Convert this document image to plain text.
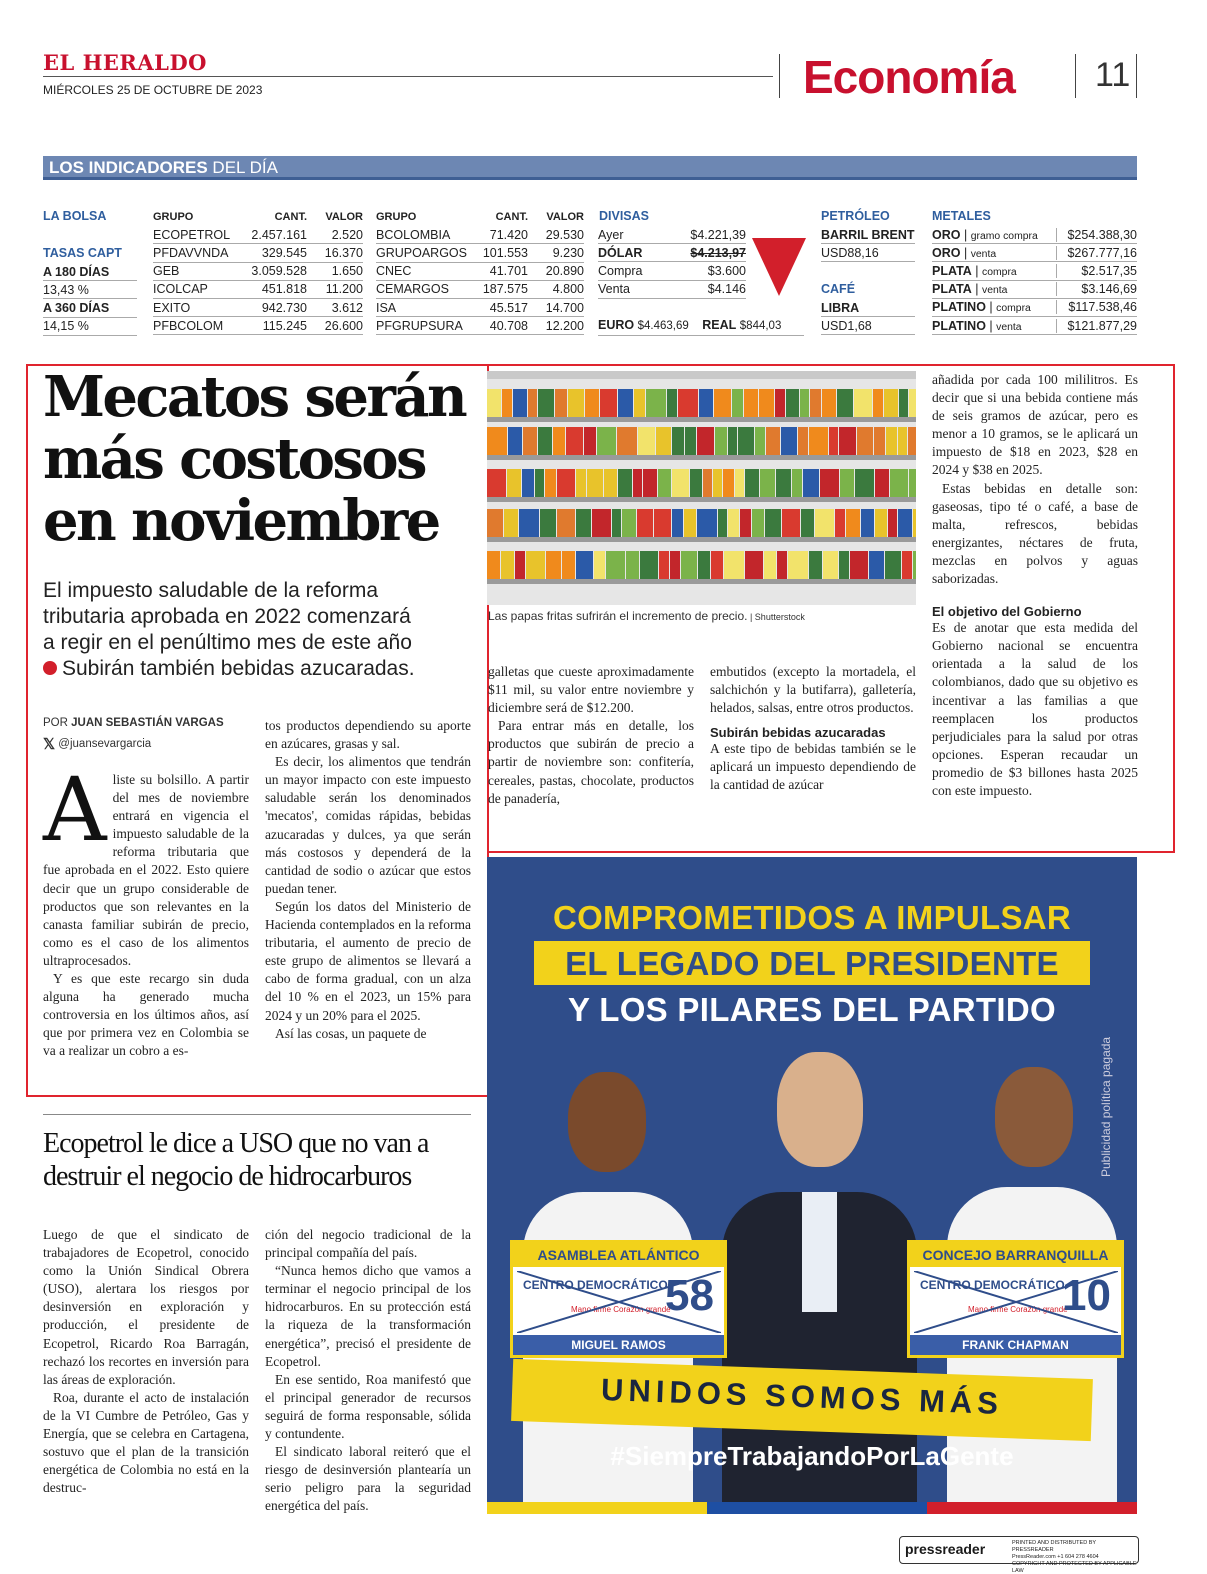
EL HERALDO
MIÉRCOLES 25 DE OCTUBRE DE 2023	Economía 11
LOS INDICADORES DEL DÍA
LA BOLSA
TASAS CAPT
A 180 DÍAS
13,43 %
A 360 DÍAS
14,15 %
GRUPO	CANT.	VALOR
ECOPETROL	2.457.161	2.520
PFDAVVNDA	329.545	16.370
GEB	3.059.528	1.650
ICOLCAP	451.818	11.200
EXITO	942.730	3.612
PFBCOLOM	115.245	26.600
GRUPO	CANT.	VALOR
BCOLOMBIA	71.420	29.530
GRUPOARGOS	101.553	9.230
CNEC	41.701	20.890
CEMARGOS	187.575	4.800
ISA	45.517	14.700
PFGRUPSURA	40.708	12.200
DIVISAS
Ayer	$4.221,39
DÓLAR	$4.213,97
Compra	$3.600
Venta	$4.146
EURO $4.463,69 REAL $844,03
PETRÓLEO
BARRIL BRENT
USD88,16
CAFÉ
LIBRA
USD1,68
METALES
ORO | gramo compra	$254.388,30
ORO | venta	$267.777,16
PLATA | compra	$2.517,35
PLATA | venta	$3.146,69
PLATINO | compra	$117.538,46
PLATINO | venta	$121.877,29
Mecatos serán
más costosos
en noviembre
El impuesto saludable de la reforma
tributaria aprobada en 2022 comenzará
a regir en el penúltimo mes de este año
Subirán también bebidas azucaradas.
POR JUAN SEBASTIÁN VARGAS
𝕏 @juansevargarcia

Aliste su bolsillo. A partir del mes de noviembre entrará en vigencia el impuesto saludable de la reforma tributaria que fue aprobada en el 2022. Esto quiere decir que un grupo considerable de productos que son relevantes en la canasta familiar subirán de precio, como es el caso de los alimentos ultraprocesados.

Y es que este recargo sin duda alguna ha generado mucha controversia en los últimos años, así que por primera vez en Colombia se va a realizar un cobro a es-

tos productos dependiendo su aporte en azúcares, grasas y sal.

Es decir, los alimentos que tendrán un mayor impacto con este impuesto saludable serán los denominados 'mecatos', comidas rápidas, bebidas azucaradas y dulces, ya que serán más costosos y dependerá de la cantidad de sodio o azúcar que estos puedan tener.

Según los datos del Ministerio de Hacienda contemplados en la reforma tributaria, el aumento de precio de este grupo de alimentos se llevará a cabo de forma gradual, con un alza del 10 % en el 2023, un 15% para 2024 y un 20% para el 2025.

Así las cosas, un paquete de

Las papas fritas sufrirán el incremento de precio. | Shutterstock

galletas que cueste aproximadamente $11 mil, su valor entre noviembre y diciembre será de $12.200.

Para entrar más en detalle, los productos que subirán de precio a partir de noviembre son: confitería, cereales, pastas, chocolate, productos de panadería,

embutidos (excepto la mortadela, el salchichón y la butifarra), galletería, helados, salsas, entre otros productos.

Subirán bebidas azucaradas

A este tipo de bebidas también se le aplicará un impuesto dependiendo de la cantidad de azúcar

añadida por cada 100 mililitros. Es decir que si una bebida contiene más de seis gramos de azúcar, pero es menor a 10 gramos, se le aplicará un impuesto de $18 en 2023, $28 en 2024 y $38 en 2025.

Estas bebidas en detalle son: gaseosas, tipo té o café, a base de malta, refrescos, bebidas energizantes, néctares de fruta, mezclas en polvos y aguas saborizadas.

El objetivo del Gobierno

Es de anotar que esta medida del Gobierno nacional se encuentra orientada a la salud de los colombianos, dado que su objetivo es incentivar a las familias a que reemplacen los productos perjudiciales para la salud por otras opciones. Esperan recaudar un promedio de $3 billones hasta 2025 con este impuesto.

Ecopetrol le dice a USO que no van a
destruir el negocio de hidrocarburos

Luego de que el sindicato de trabajadores de Ecopetrol, conocido como la Unión Sindical Obrera (USO), alertara los riesgos por desinversión en exploración y producción, el presidente de Ecopetrol, Ricardo Roa Barragán, rechazó los recortes en inversión para las áreas de exploración.

Roa, durante el acto de instalación de la VI Cumbre de Petróleo, Gas y Energía, que se celebra en Cartagena, sostuvo que el plan de la transición energética de Colombia no está en la destruc-

ción del negocio tradicional de la principal compañía del país.

“Nunca hemos dicho que vamos a terminar el negocio principal de los hidrocarburos. En su protección está la riqueza de la transformación energética”, precisó el presidente de Ecopetrol.

En ese sentido, Roa manifestó que el principal generador de recursos seguirá de forma responsable, sólida y contundente.

El sindicato laboral reiteró que el riesgo de desinversión plantearía un serio peligro para la seguridad energética del país.

COMPROMETIDOS A IMPULSAR
EL LEGADO DEL PRESIDENTE
Y LOS PILARES DEL PARTIDO
Publicidad política pagada
ASAMBLEA ATLÁNTICO
CENTRO DEMOCRÁTICO
Mano firme Corazón grande
58
MIGUEL RAMOS
CONCEJO BARRANQUILLA
CENTRO DEMOCRÁTICO
Mano firme Corazón grande
10
FRANK CHAPMAN
UNIDOS SOMOS MÁS
#SiempreTrabajandoPorLaGente
pressreader	PRINTED AND DISTRIBUTED BY PRESSREADER
PressReader.com +1 604 278 4604
COPYRIGHT AND PROTECTED BY APPLICABLE LAW
